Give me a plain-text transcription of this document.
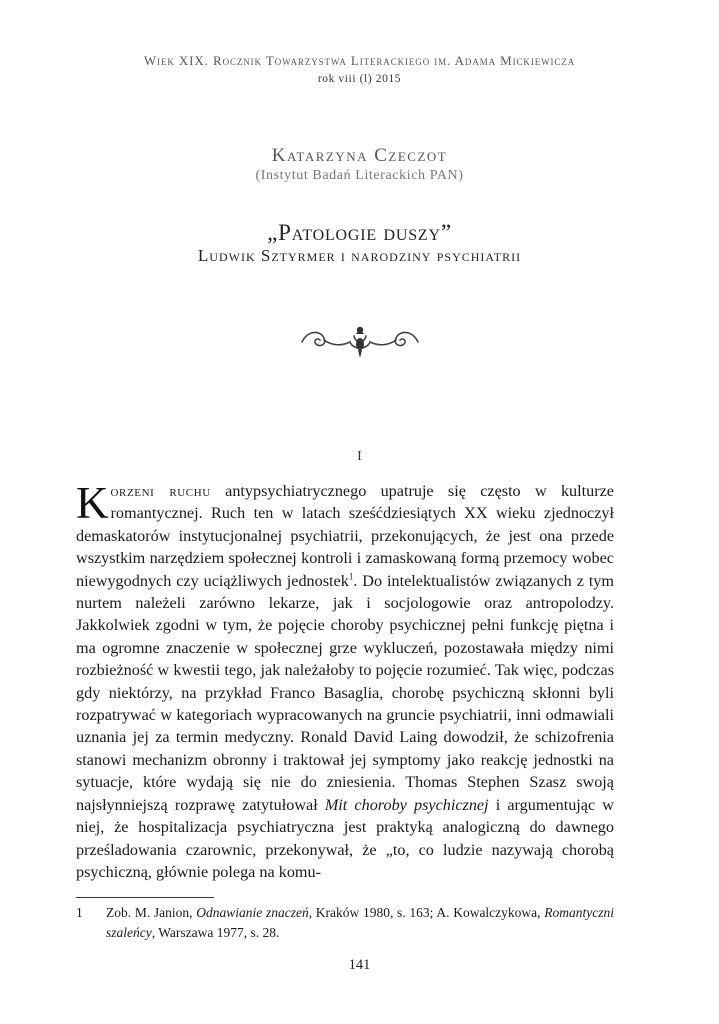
Wiek XIX. Rocznik Towarzystwa Literackiego im. Adama Mickiewicza
rok viii (l) 2015
Katarzyna Czeczot
(Instytut Badań Literackich PAN)
„Patologie duszy”
Ludwik Sztyrmer i narodziny psychiatrii
I

Korzeni ruchu antypsychiatrycznego upatruje się często w kulturze romantycznej. Ruch ten w latach sześćdziesiątych XX wieku zjednoczył demaskatorów instytucjonalnej psychiatrii, przekonujących, że jest ona przede wszystkim narzędziem społecznej kontroli i zamaskowaną formą przemocy wobec niewygodnych czy uciążliwych jednostek$^1$. Do intelektualistów związanych z tym nurtem należeli zarówno lekarze, jak i socjologowie oraz antropolodzy. Jakkolwiek zgodni w tym, że pojęcie choroby psychicznej pełni funkcję piętna i ma ogromne znaczenie w społecznej grze wykluczeń, pozostawała między nimi rozbieżność w kwestii tego, jak należałoby to pojęcie rozumieć. Tak więc, podczas gdy niektórzy, na przykład Franco Basaglia, chorobę psychiczną skłonni byli rozpatrywać w kategoriach wypracowanych na gruncie psychiatrii, inni odmawiali uznania jej za termin medyczny. Ronald David Laing dowodził, że schizofrenia stanowi mechanizm obronny i traktował jej symptomy jako reakcję jednostki na sytuacje, które wydają się nie do zniesienia. Thomas Stephen Szasz swoją najsłynniejszą rozprawę zatytułował Mit choroby psychicznej i argumentując w niej, że hospitalizacja psychiatryczna jest praktyką analogiczną do dawnego prześladowania czarownic, przekonywał, że „to, co ludzie nazywają chorobą psychiczną, głównie polega na komu-

1	Zob. M. Janion, Odnawianie znaczeń, Kraków 1980, s. 163; A. Kowalczykowa, Romantyczni szaleńcy, Warszawa 1977, s. 28.
141
